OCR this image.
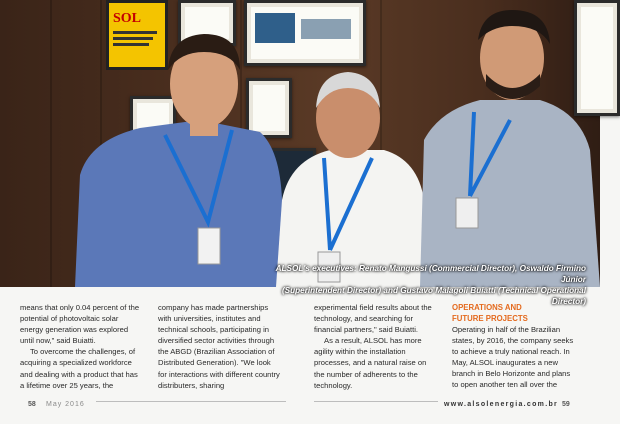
SOL
ALSOL's executives: Renato Mangussi (Commercial Director), Oswaldo Firmino Júnior
(Superintendent Director) and Gustavo Malagoli Buiatti (Technical Operational Director)

means that only 0.04 percent of the potential of photovoltaic solar energy generation was explored until now," said Buiatti.

To overcome the challenges, of acquiring a specialized workforce and dealing with a product that has a lifetime over 25 years, the

company has made partnerships with universities, institutes and technical schools, participating in diversified sector activities through the ABGD (Brazilian Association of Distributed Generation). "We look for interactions with different country distributers, sharing

experimental field results about the technology, and searching for financial partners," said Buiatti.

As a result, ALSOL has more agility within the installation processes, and a natural raise on the number of adherents to the technology.

OPERATIONS AND
FUTURE PROJECTS

Operating in half of the Brazilian states, by 2016, the company seeks to achieve a truly national reach. In May, ALSOL inaugurates a new branch in Belo Horizonte and plans to open another ten all over the

58 May 2016	www.alsolenergia.com.br 59
